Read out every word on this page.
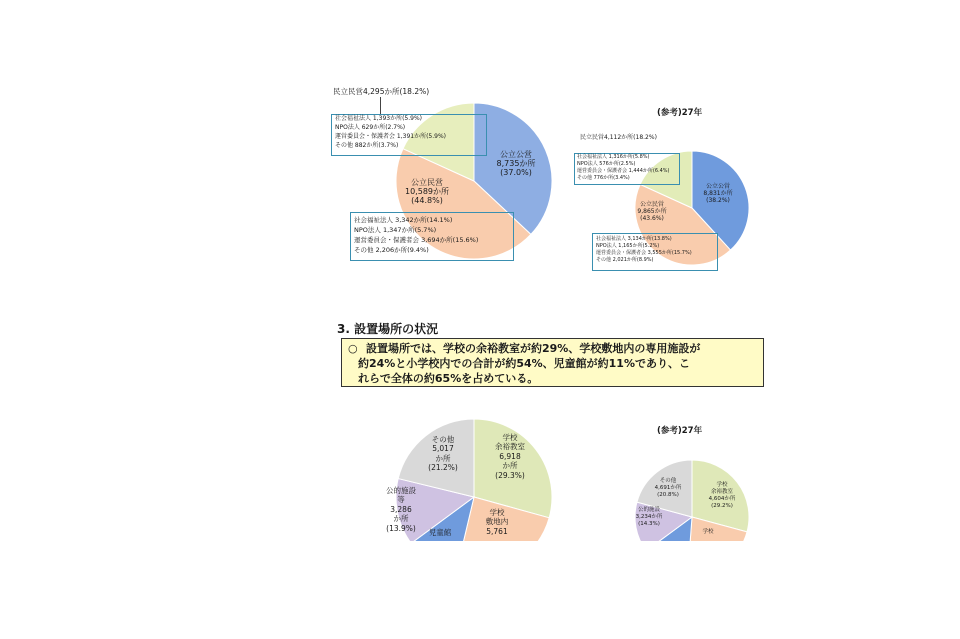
民立民営4,295か所(18.2%)
社会福祉法人 1,393か所(5.9%)
NPO法人 629か所(2.7%)
運営委員会・保護者会 1,391か所(5.9%)
その他 882か所(3.7%)
公立公営
8,735か所
(37.0%)
公立民営
10,589か所
(44.8%)
社会福祉法人 3,342か所(14.1%)
NPO法人 1,347か所(5.7%)
運営委員会・保護者会 3,694か所(15.6%)
その他 2,206か所(9.4%)
(参考)27年
民立民営4,112か所(18.2%)
社会福祉法人 1,316か所(5.8%)
NPO法人 576か所(2.5%)
運営委員会・保護者会 1,444か所(6.4%)
その他 776か所(3.4%)
公立公営
8,831か所
(38.2%)
公立民営
9,865か所
(43.6%)
社会福祉法人 3,134か所(13.8%)
NPO法人 1,165か所(5.2%)
運営委員会・保護者会 3,555か所(15.7%)
その他 2,021か所(8.9%)
3. 設置場所の状況
○ 設置場所では、学校の余裕教室が約29%、学校敷地内の専用施設が
約24%と小学校内での合計が約54%、児童館が約11%であり、こ
れらで全体の約65%を占めている。
その他
5,017
か所
(21.2%)
学校
余裕教室
6,918
か所
(29.3%)
公的施設
等
3,286
か所
(13.9%)
学校
敷地内
5,761
児童館
(参考)27年
その他
4,691か所
(20.8%)
学校
余裕教室
4,604か所
(29.2%)
公的施設
3,234か所
(14.3%)
学校
